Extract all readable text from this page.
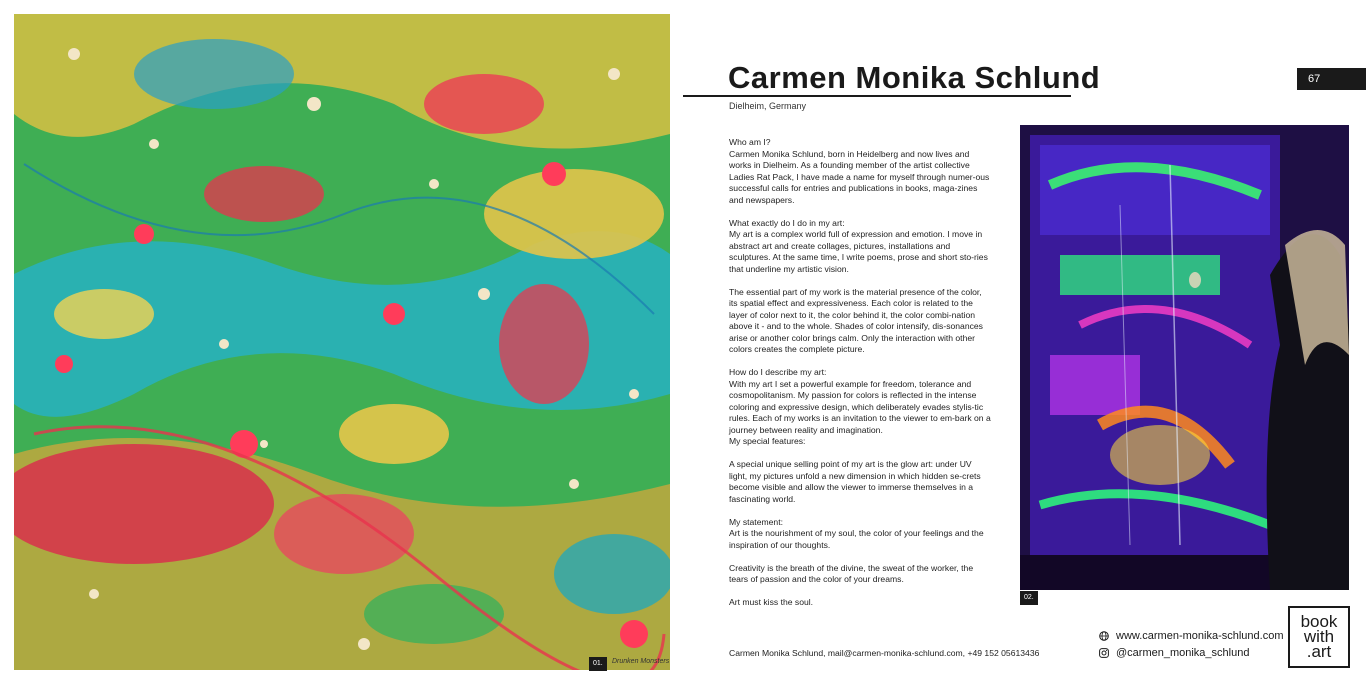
01.	Drunken Monsters
Carmen Monika Schlund
Dielheim, Germany
67

Who am I?
Carmen Monika Schlund, born in Heidelberg and now lives and works in Dielheim. As a founding member of the artist collective Ladies Rat Pack, I have made a name for myself through numer-ous successful calls for entries and publications in books, maga-zines and newspapers.

What exactly do I do in my art:
My art is a complex world full of expression and emotion. I move in abstract art and create collages, pictures, installations and sculptures. At the same time, I write poems, prose and short sto-ries that underline my artistic vision.

The essential part of my work is the material presence of the color, its spatial effect and expressiveness. Each color is related to the layer of color next to it, the color behind it, the color combi-nation above it - and to the whole. Shades of color intensify, dis-sonances arise or another color brings calm. Only the interaction with other colors creates the complete picture.

How do I describe my art:
With my art I set a powerful example for freedom, tolerance and cosmopolitanism. My passion for colors is reflected in the intense coloring and expressive design, which deliberately evades stylis-tic rules. Each of my works is an invitation to the viewer to em-bark on a journey between reality and imagination.
My special features:

A special unique selling point of my art is the glow art: under UV light, my pictures unfold a new dimension in which hidden se-crets become visible and allow the viewer to immerse themselves in a fascinating world.

My statement:
Art is the nourishment of my soul, the color of your feelings and the inspiration of our thoughts.

Creativity is the breath of the divine, the sweat of the worker, the tears of passion and the color of your dreams.

Art must kiss the soul.	02.
Carmen Monika Schlund, mail@carmen-monika-schlund.com, +49 152 05613436
www.carmen-monika-schlund.com
@carmen_monika_schlund
book
with
.art
